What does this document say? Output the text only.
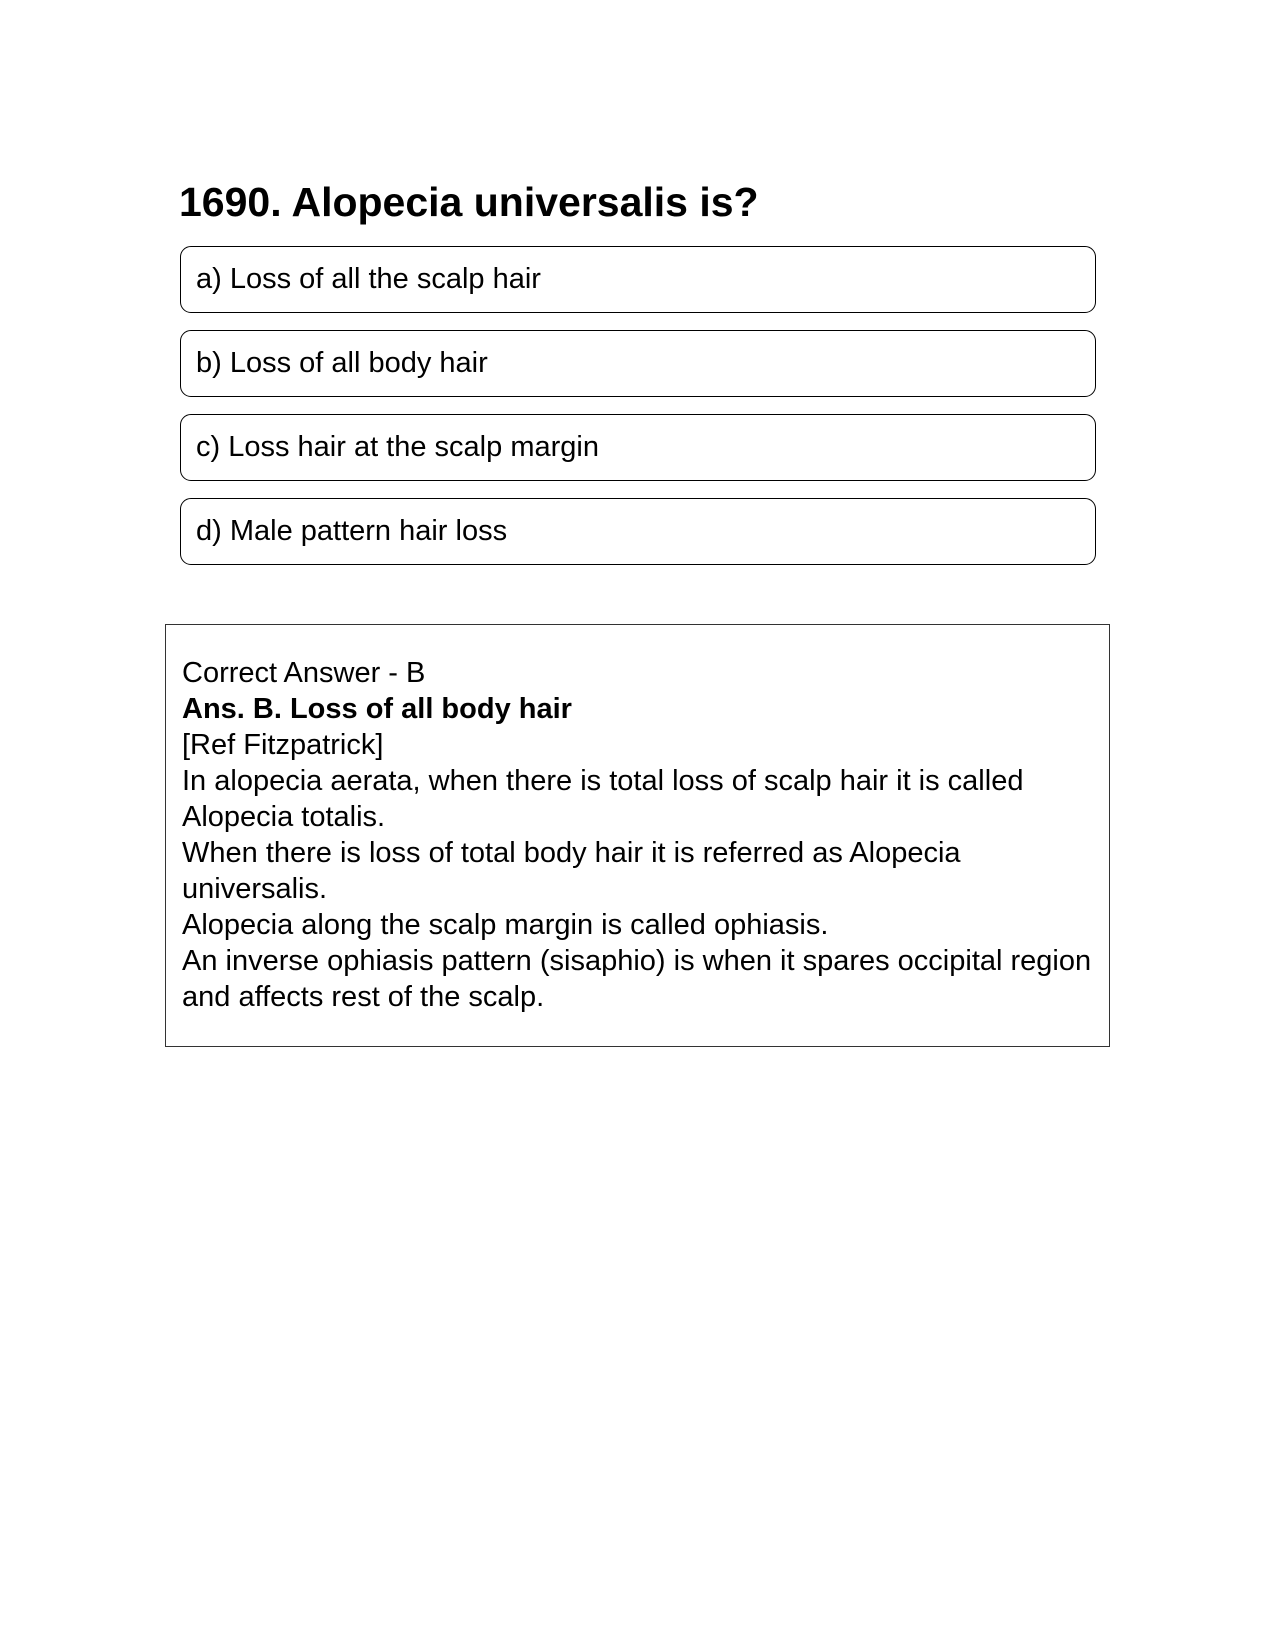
1690. Alopecia universalis is?
a) Loss of all the scalp hair
b) Loss of all body hair
c) Loss hair at the scalp margin
d) Male pattern hair loss
Correct Answer - B
Ans. B. Loss of all body hair
[Ref Fitzpatrick]
In alopecia aerata, when there is total loss of scalp hair it is called Alopecia totalis.
When there is loss of total body hair it is referred as Alopecia universalis.
Alopecia along the scalp margin is called ophiasis.
An inverse ophiasis pattern (sisaphio) is when it spares occipital region and affects rest of the scalp.
